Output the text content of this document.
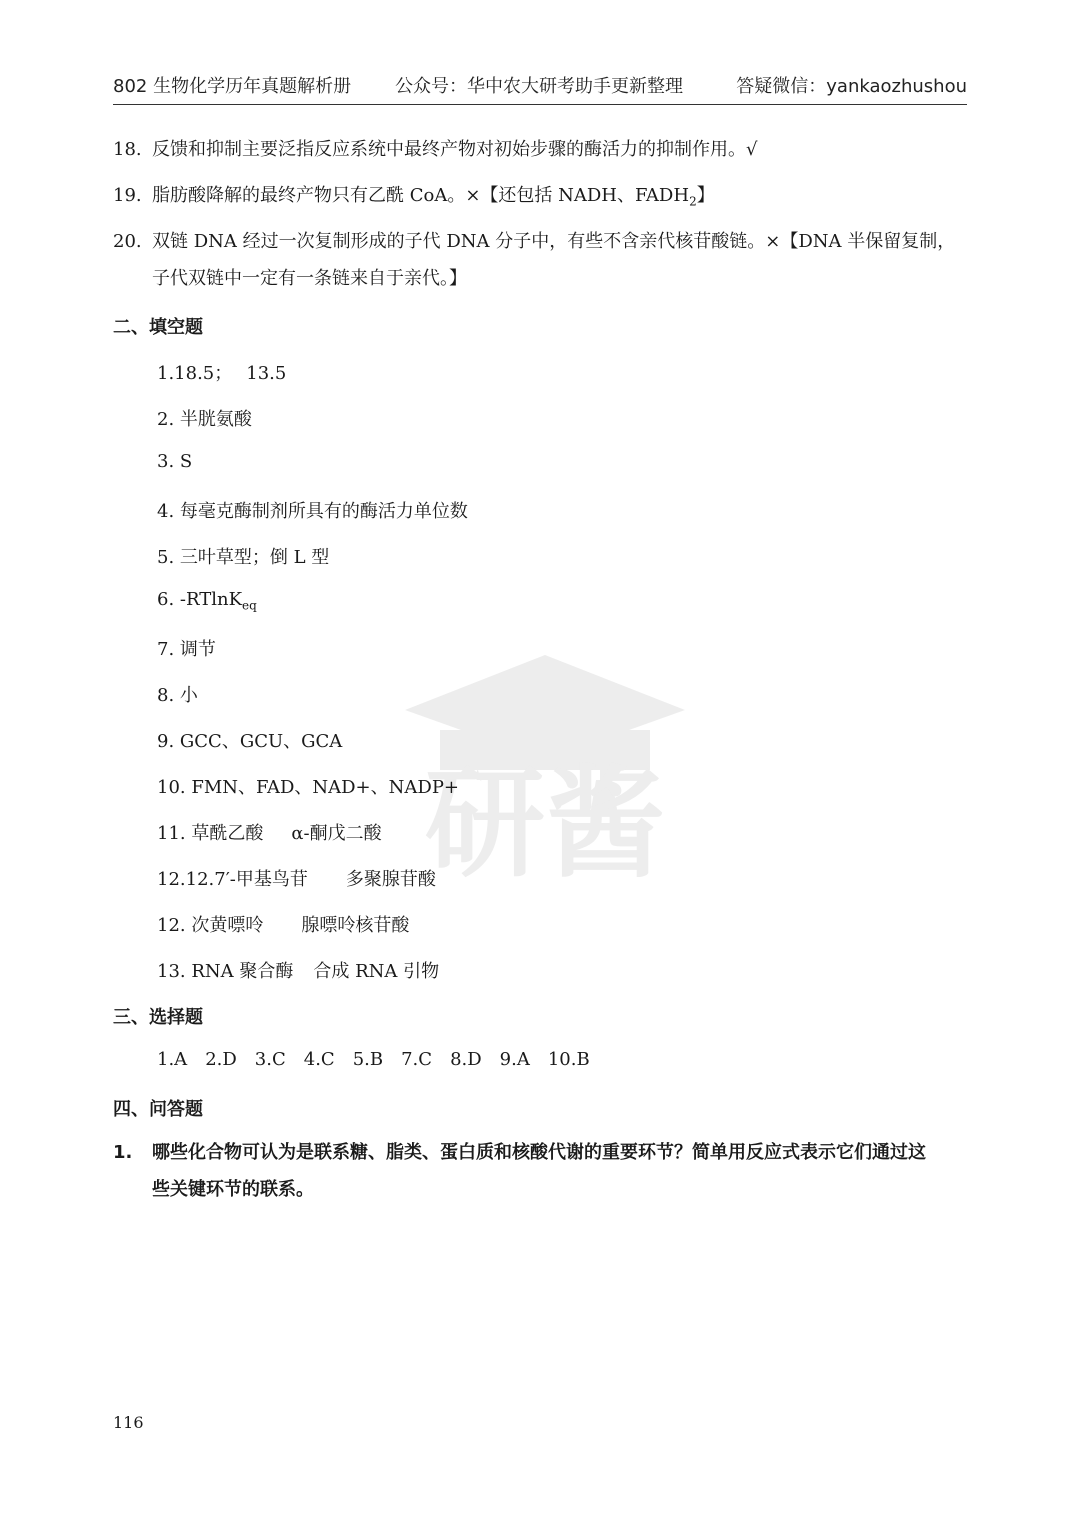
802 生物化学历年真题解析册 公众号：华中农大研考助手更新整理	答疑微信：yankaozhushou
研酱
18. 反馈和抑制主要泛指反应系统中最终产物对初始步骤的酶活力的抑制作用。√
19. 脂肪酸降解的最终产物只有乙酰 CoA。×【还包括 NADH、$FADH_2$】
20. 双链 DNA 经过一次复制形成的子代 DNA 分子中，有些不含亲代核苷酸链。×【DNA 半保留复制，
子代双链中一定有一条链来自于亲代。】
二、填空题
1.18.5； 13.5
2. 半胱氨酸
3. S
4. 每毫克酶制剂所具有的酶活力单位数
5. 三叶草型；倒 L 型
6. -RTlnK$_{eq}$
7. 调节
8. 小
9. GCC、GCU、GCA
10. FMN、FAD、NAD+、NADP+
11. 草酰乙酸 α-酮戊二酸
12.12.7′-甲基鸟苷 多聚腺苷酸
12. 次黄嘌呤 腺嘌呤核苷酸
13. RNA 聚合酶 合成 RNA 引物
三、选择题
1.A 2.D 3.C 4.C 5.B 7.C 8.D 9.A 10.B
四、问答题
1. 哪些化合物可认为是联系糖、脂类、蛋白质和核酸代谢的重要环节？简单用反应式表示它们通过这
些关键环节的联系。
116
